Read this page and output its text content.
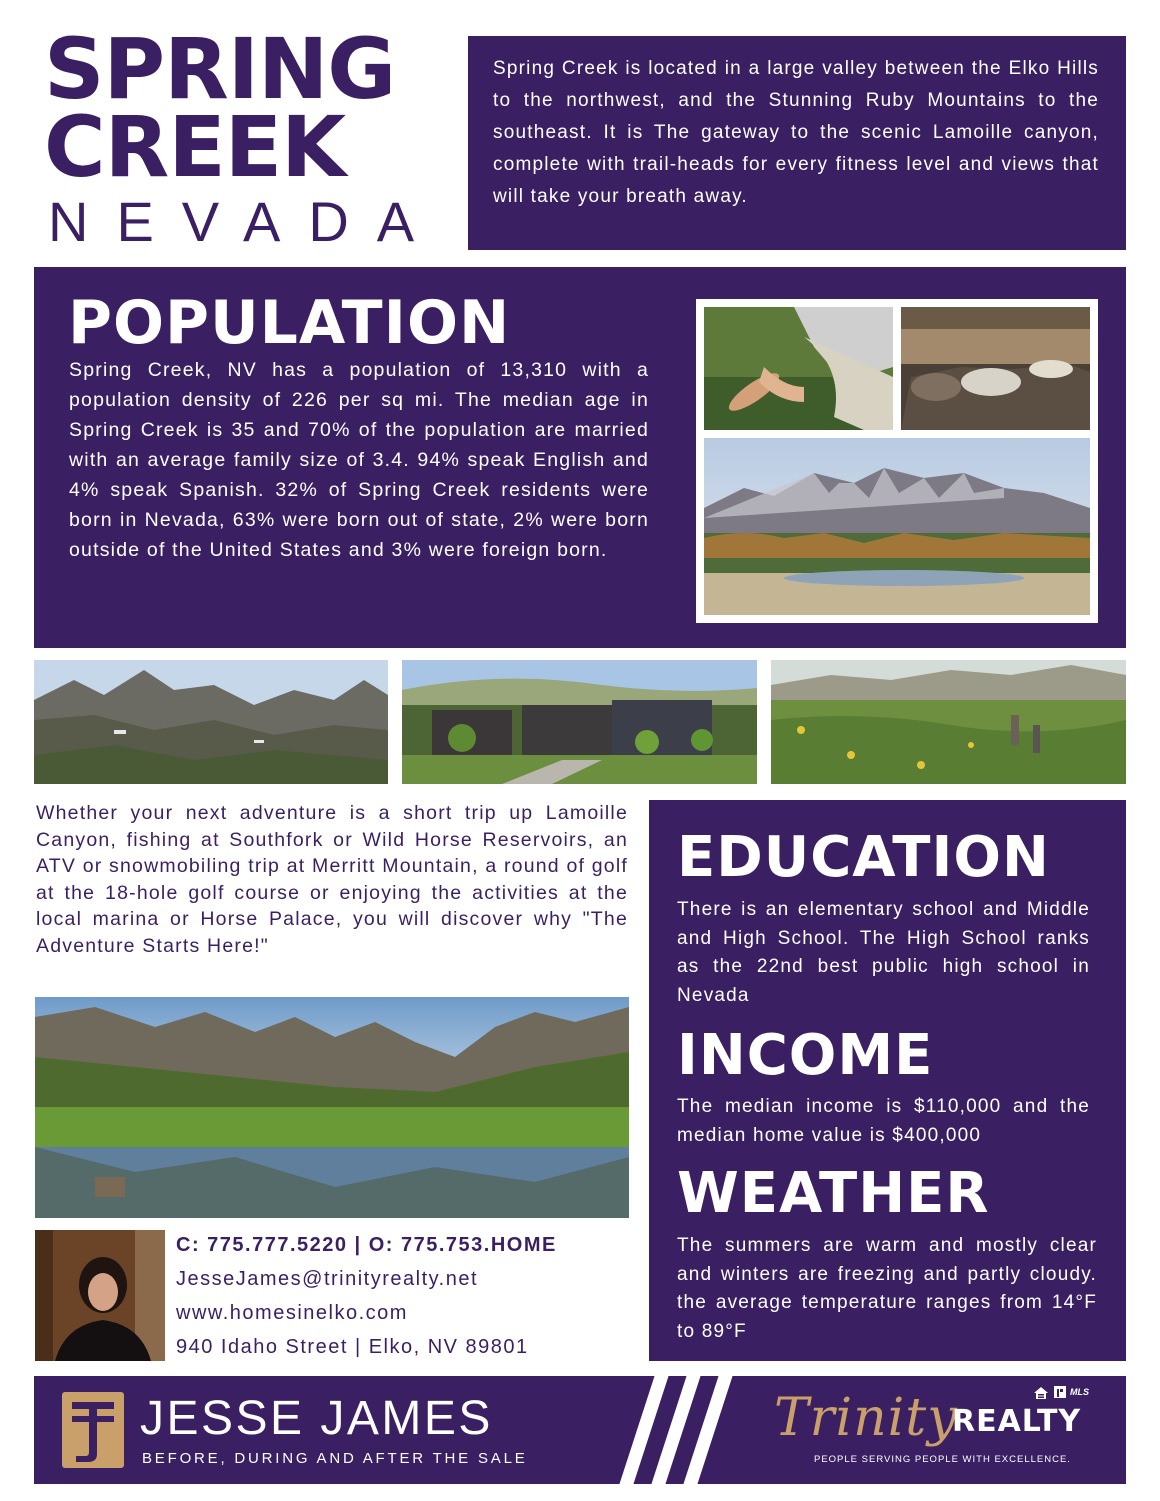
SPRING
CREEK
NEVADA

Spring Creek is located in a large valley between the Elko Hills to the northwest, and the Stunning Ruby Mountains to the southeast. It is The gateway to the scenic Lamoille canyon, complete with trail-heads for every fitness level and views that will take your breath away.

POPULATION

Spring Creek, NV has a population of 13,310 with a population density of 226 per sq mi. The median age in Spring Creek is 35 and 70% of the population are married with an average family size of 3.4. 94% speak English and 4% speak Spanish. 32% of Spring Creek residents were born in Nevada, 63% were born out of state, 2% were born outside of the United States and 3% were foreign born.

Whether your next adventure is a short trip up Lamoille Canyon, fishing at Southfork or Wild Horse Reservoirs, an ATV or snowmobiling trip at Merritt Mountain, a round of golf at the 18-hole golf course or enjoying the activities at the local marina or Horse Palace, you will discover why "The Adventure Starts Here!"

C: 775.777.5220 | O: 775.753.HOME
JesseJames@trinityrealty.net
www.homesinelko.com
940 Idaho Street | Elko, NV 89801
EDUCATION

There is an elementary school and Middle and High School. The High School ranks as the 22nd best public high school in Nevada

INCOME

The median income is $110,000 and the median home value is $400,000

WEATHER

The summers are warm and mostly clear and winters are freezing and partly cloudy. the average temperature ranges from 14°F to 89°F

JESSE JAMES
BEFORE, DURING AND AFTER THE SALE
Trinity
REALTY
PEOPLE SERVING PEOPLE WITH EXCELLENCE.
MLS
